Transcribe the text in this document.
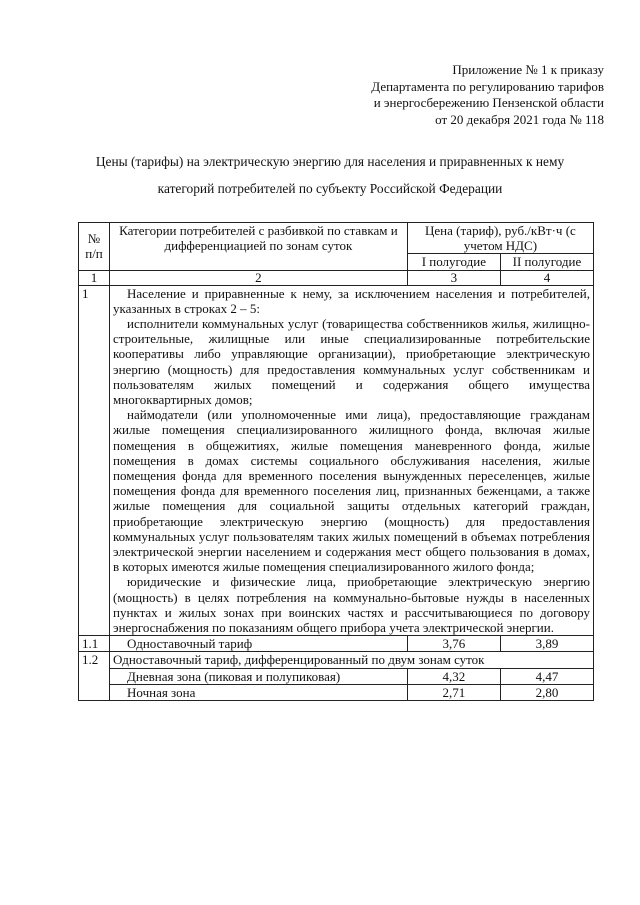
Приложение № 1 к приказу
Департамента по регулированию тарифов
и энергосбережению Пензенской области
от 20 декабря 2021 года № 118
Цены (тарифы) на электрическую энергию для населения и приравненных к нему
категорий потребителей по субъекту Российской Федерации
№ п/п	Категории потребителей с разбивкой по ставкам и дифференциацией по зонам суток	Цена (тариф), руб./кВт·ч (с учетом НДС)	
		I полугодие	II полугодие
1	2	3	4
1	Население и приравненные к нему, за исключением населения и потребителей, указанных в строках 2 – 5:
исполнители коммунальных услуг (товарищества собственников жилья, жилищно-строительные, жилищные или иные специализированные потребительские кооперативы либо управляющие организации), приобретающие электрическую энергию (мощность) для предоставления коммунальных услуг собственникам и пользователям жилых помещений и содержания общего имущества многоквартирных домов;
наймодатели (или уполномоченные ими лица), предоставляющие гражданам жилые помещения специализированного жилищного фонда, включая жилые помещения в общежитиях, жилые помещения маневренного фонда, жилые помещения в домах системы социального обслуживания населения, жилые помещения фонда для временного поселения вынужденных переселенцев, жилые помещения фонда для временного поселения лиц, признанных беженцами, а также жилые помещения для социальной защиты отдельных категорий граждан, приобретающие электрическую энергию (мощность) для предоставления коммунальных услуг пользователям таких жилых помещений в объемах потребления электрической энергии населением и содержания мест общего пользования в домах, в которых имеются жилые помещения специализированного жилого фонда;
юридические и физические лица, приобретающие электрическую энергию (мощность) в целях потребления на коммунально-бытовые нужды в населенных пунктах и жилых зонах при воинских частях и рассчитывающиеся по договору энергоснабжения по показаниям общего прибора учета электрической энергии.		

1.1	Одноставочный тариф	3,76	3,89
1.2	Одноставочный тариф, дифференцированный по двум зонам суток		
	Дневная зона (пиковая и полупиковая)	4,32	4,47
	Ночная зона	2,71	2,80
